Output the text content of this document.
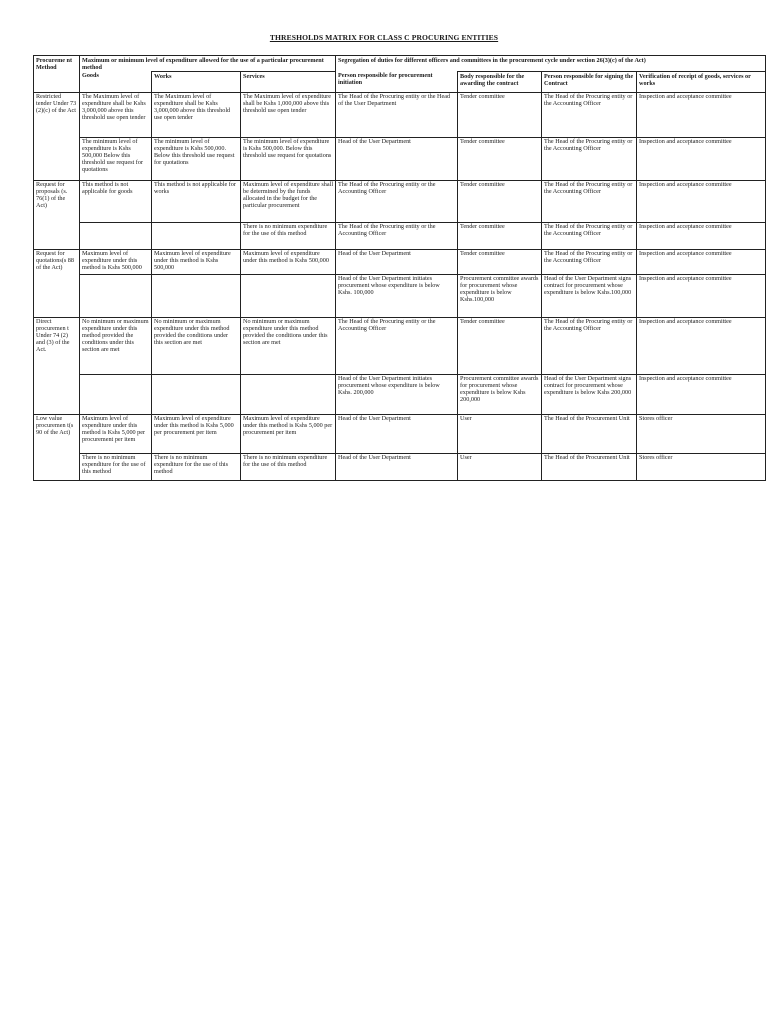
THRESHOLDS MATRIX FOR CLASS C PROCURING ENTITIES
Procureme nt Method	Maximum or minimum level of expenditure allowed for the use of a particular procurement method			Segregation of duties for different officers and committees in the procurement cycle under section 26(3)(c) of the Act)			
	Goods	Works	Services	Person responsible for procurement initiation	Body responsible for the awarding the contract	Person responsible for signing the Contract	Verification of receipt of goods, services or works
Restricted tender Under 73 (2)(c) of the Act	The Maximum level of expenditure shall be Kshs 3,000,000 above this threshold use open tender	The Maximum level of expenditure shall be Kshs 3,000,000 above this threshold use open tender	The Maximum level of expenditure shall be Kshs 1,000,000 above this threshold use open tender	The Head of the Procuring entity or the Head of the User Department	Tender committee	The Head of the Procuring entity or the Accounting Officer	Inspection and acceptance committee
	The minimum level of expenditure is Kshs 500,000 Below this threshold use request for quotations	The minimum level of expenditure is Kshs 500,000. Below this threshold use request for quotations	The minimum level of expenditure is Kshs 500,000. Below this threshold use request for quotations	Head of the User Department	Tender committee	The Head of the Procuring entity or the Accounting Officer	Inspection and acceptance committee
Request for proposals (s. 76(1) of the Act)	This method is not applicable for goods	This method is not applicable for works	Maximum level of expenditure shall be determined by the funds allocated in the budget for the particular procurement	The Head of the Procuring entity or the Accounting Officer	Tender committee	The Head of the Procuring entity or the Accounting Officer	Inspection and acceptance committee
			There is no minimum expenditure for the use of this method	The Head of the Procuring entity or the Accounting Officer	Tender committee	The Head of the Procuring entity or the Accounting Officer	Inspection and acceptance committee
Request for quotations(s 88 of the Act)	Maximum level of expenditure under this method is Kshs 500,000	Maximum level of expenditure under this method is Kshs 500,000	Maximum level of expenditure under this method is Kshs 500,000	Head of the User Department	Tender committee	The Head of the Procuring entity or the Accounting Officer	Inspection and acceptance committee
				Head of the User Department initiates procurement whose expenditure is below Kshs. 100,000	Procurement committee awards for procurement whose expenditure is below Kshs.100,000	Head of the User Department signs contract for procurement whose expenditure is below Kshs.100,000	Inspection and acceptance committee
Direct procuremen t Under 74 (2) and (3) of the Act.	No minimum or maximum expenditure under this method provided the conditions under this section are met	No minimum or maximum expenditure under this method provided the conditions under this section are met	No minimum or maximum expenditure under this method provided the conditions under this section are met	The Head of the Procuring entity or the Accounting Officer	Tender committee	The Head of the Procuring entity or the Accounting Officer	Inspection and acceptance committee
				Head of the User Department initiates procurement whose expenditure is below Kshs. 200,000	Procurement committee awards for procurement whose expenditure is below Kshs 200,000	Head of the User Department signs contract for procurement whose expenditure is below Kshs 200,000	Inspection and acceptance committee
Low value procuremen t(s 90 of the Act)	Maximum level of expenditure under this method is Kshs 5,000 per procurement per item	Maximum level of expenditure under this method is Kshs 5,000 per procurement per item	Maximum level of expenditure under this method is Kshs 5,000 per procurement per item	Head of the User Department	User	The Head of the Procurement Unit	Stores officer
	There is no minimum expenditure for the use of this method	There is no minimum expenditure for the use of this method	There is no minimum expenditure for the use of this method	Head of the User Department	User	The Head of the Procurement Unit	Stores officer
